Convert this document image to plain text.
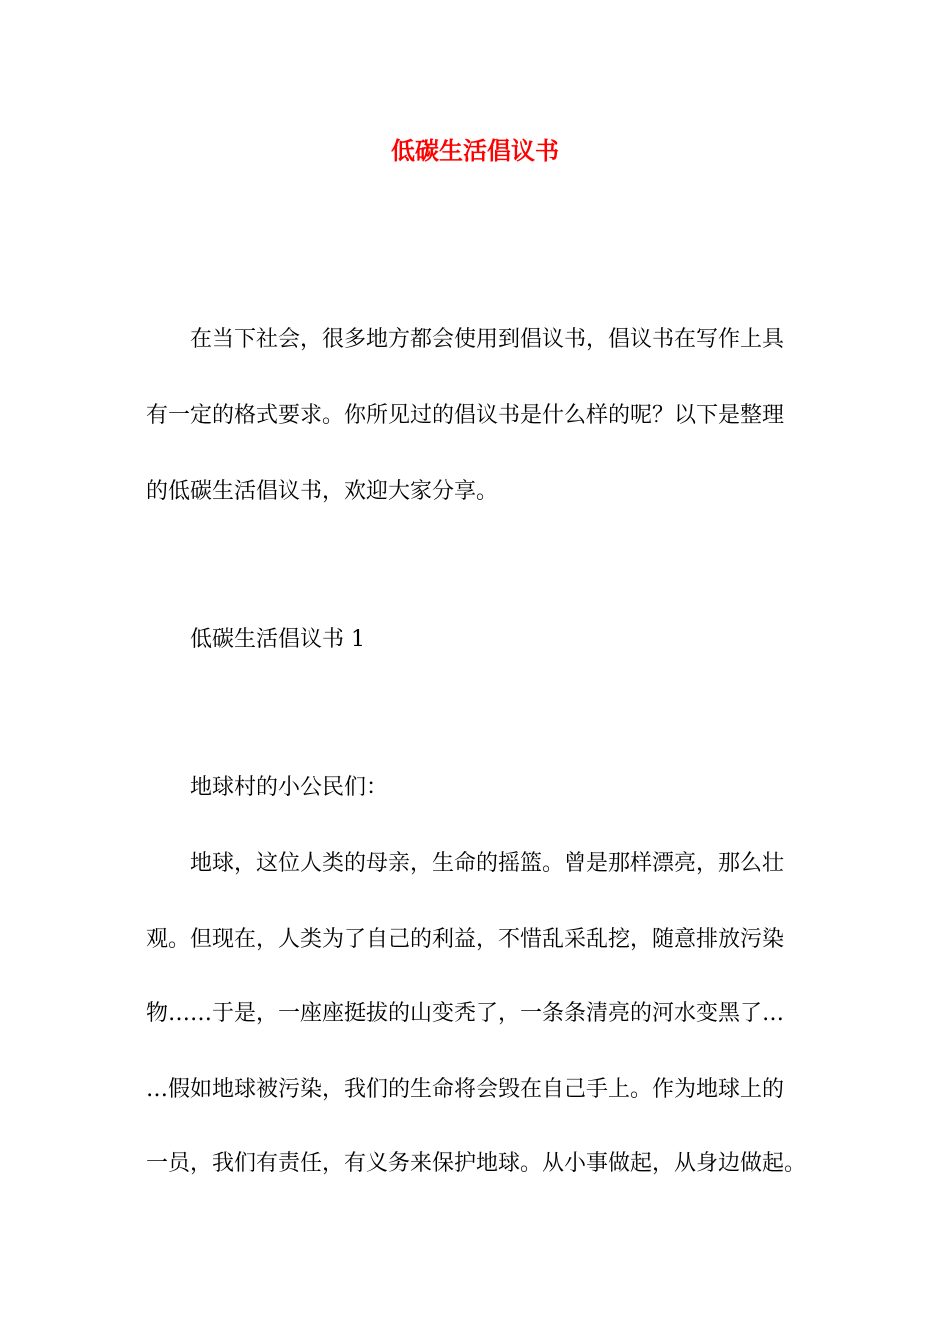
低碳生活倡议书

在当下社会，很多地方都会使用到倡议书，倡议书在写作上具

有一定的格式要求。你所见过的倡议书是什么样的呢？以下是整理

的低碳生活倡议书，欢迎大家分享。

低碳生活倡议书 1

地球村的小公民们：

地球，这位人类的母亲，生命的摇篮。曾是那样漂亮，那么壮

观。但现在，人类为了自己的利益，不惜乱采乱挖，随意排放污染

物……于是，一座座挺拔的山变秃了，一条条清亮的河水变黑了…

…假如地球被污染，我们的生命将会毁在自己手上。作为地球上的

一员，我们有责任，有义务来保护地球。从小事做起，从身边做起。
